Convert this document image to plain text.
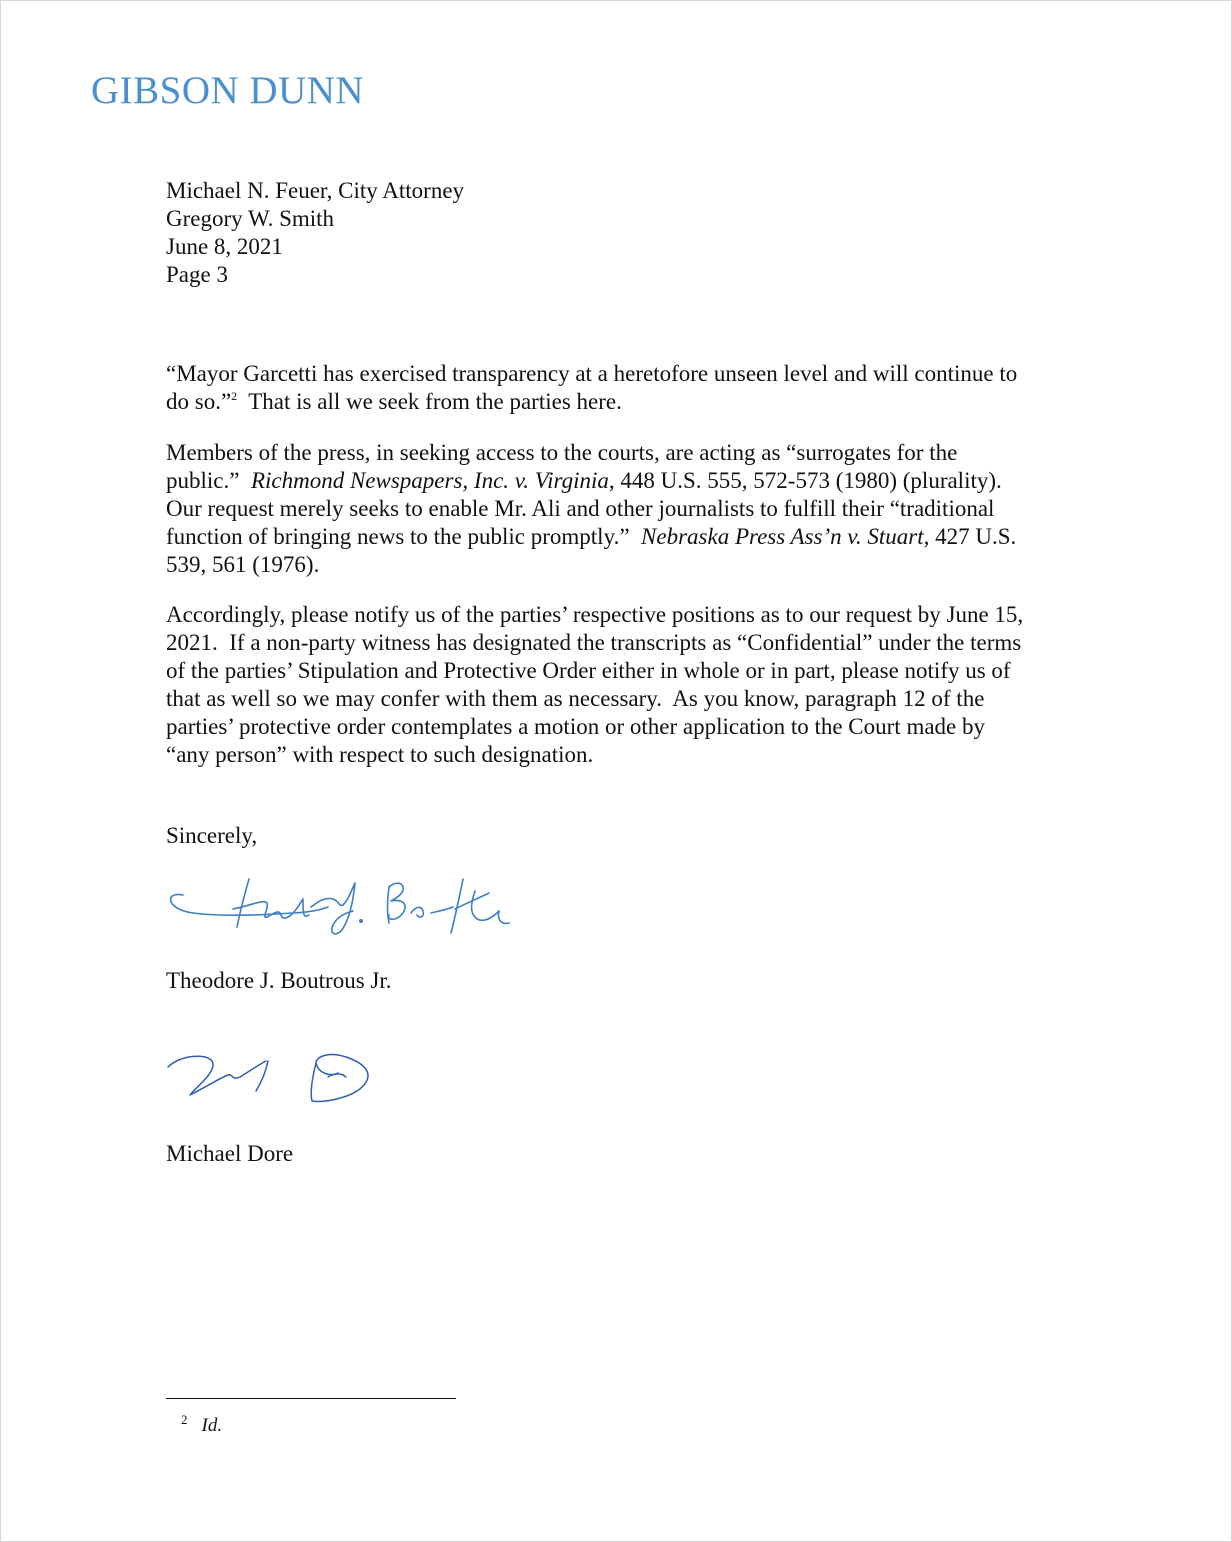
GIBSON DUNN
Michael N. Feuer, City Attorney
Gregory W. Smith
June 8, 2021
Page 3
“Mayor Garcetti has exercised transparency at a heretofore unseen level and will continue to
do so.”$^2$  That is all we seek from the parties here.
Members of the press, in seeking access to the courts, are acting as “surrogates for the
public.”  Richmond Newspapers, Inc. v. Virginia, 448 U.S. 555, 572-573 (1980) (plurality).
Our request merely seeks to enable Mr. Ali and other journalists to fulfill their “traditional
function of bringing news to the public promptly.”  Nebraska Press Ass’n v. Stuart, 427 U.S.
539, 561 (1976).
Accordingly, please notify us of the parties’ respective positions as to our request by June 15,
2021.  If a non-party witness has designated the transcripts as “Confidential” under the terms
of the parties’ Stipulation and Protective Order either in whole or in part, please notify us of
that as well so we may confer with them as necessary.  As you know, paragraph 12 of the
parties’ protective order contemplates a motion or other application to the Court made by
“any person” with respect to such designation.
Sincerely,
Theodore J. Boutrous Jr.
Michael Dore
$^2$ Id.
